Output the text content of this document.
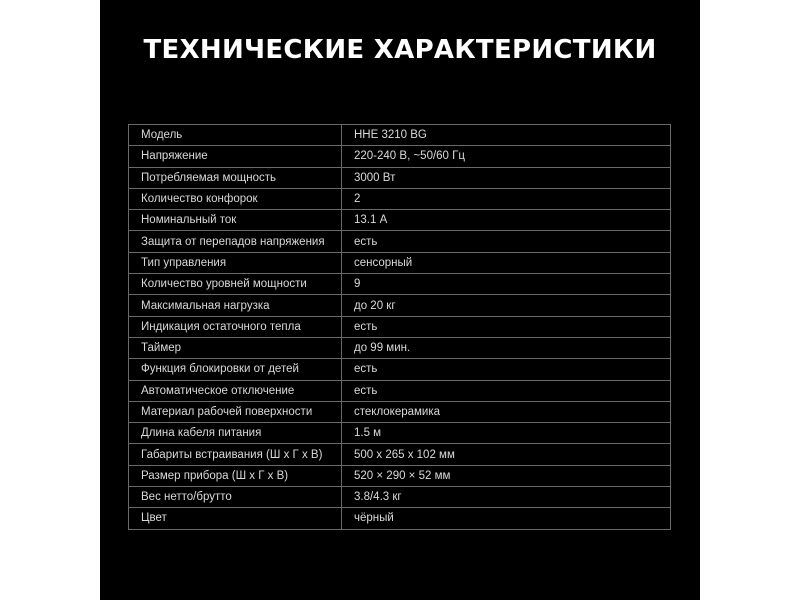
ТЕХНИЧЕСКИЕ ХАРАКТЕРИСТИКИ
Модель	HHE 3210 BG
Напряжение	220-240 В, ~50/60 Гц
Потребляемая мощность	3000 Вт
Количество конфорок	2
Номинальный ток	13.1 А
Защита от перепадов напряжения	есть
Тип управления	сенсорный
Количество уровней мощности	9
Максимальная нагрузка	до 20 кг
Индикация остаточного тепла	есть
Таймер	до 99 мин.
Функция блокировки от детей	есть
Автоматическое отключение	есть
Материал рабочей поверхности	стеклокерамика
Длина кабеля питания	1.5 м
Габариты встраивания (Ш х Г х В)	500 x 265 x 102 мм
Размер прибора (Ш х Г х В)	520 × 290 × 52 мм
Вес нетто/брутто	3.8/4.3 кг
Цвет	чёрный
